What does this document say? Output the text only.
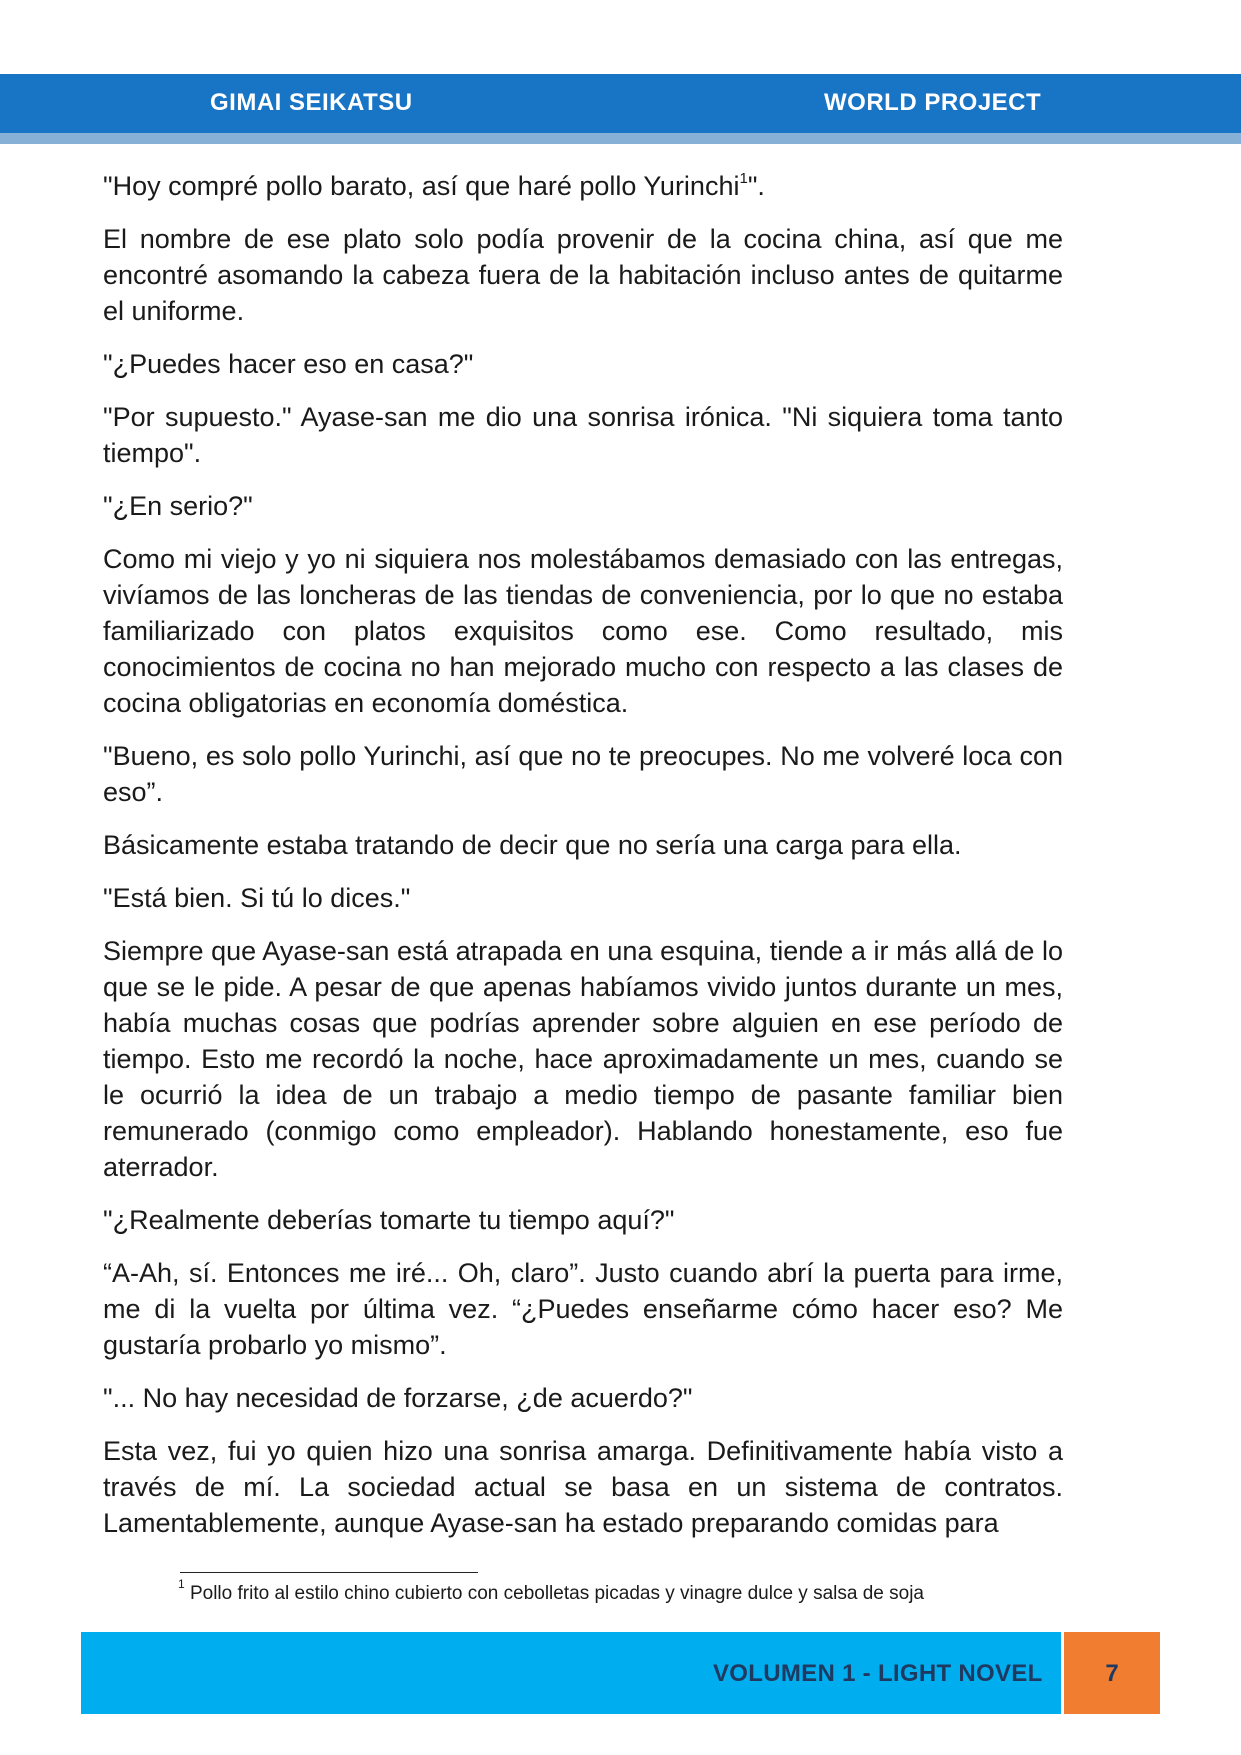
GIMAI SEIKATSU	WORLD PROJECT

"Hoy compré pollo barato, así que haré pollo Yurinchi$^1$".

El nombre de ese plato solo podía provenir de la cocina china, así que me encontré asomando la cabeza fuera de la habitación incluso antes de quitarme el uniforme.

"¿Puedes hacer eso en casa?"

"Por supuesto." Ayase-san me dio una sonrisa irónica. "Ni siquiera toma tanto tiempo".

"¿En serio?"

Como mi viejo y yo ni siquiera nos molestábamos demasiado con las entregas, vivíamos de las loncheras de las tiendas de conveniencia, por lo que no estaba familiarizado con platos exquisitos como ese. Como resultado, mis conocimientos de cocina no han mejorado mucho con respecto a las clases de cocina obligatorias en economía doméstica.

"Bueno, es solo pollo Yurinchi, así que no te preocupes. No me volveré loca con eso”.

Básicamente estaba tratando de decir que no sería una carga para ella.

"Está bien. Si tú lo dices."

Siempre que Ayase-san está atrapada en una esquina, tiende a ir más allá de lo que se le pide. A pesar de que apenas habíamos vivido juntos durante un mes, había muchas cosas que podrías aprender sobre alguien en ese período de tiempo. Esto me recordó la noche, hace aproximadamente un mes, cuando se le ocurrió la idea de un trabajo a medio tiempo de pasante familiar bien remunerado (conmigo como empleador). Hablando honestamente, eso fue aterrador.

"¿Realmente deberías tomarte tu tiempo aquí?"

“A-Ah, sí. Entonces me iré... Oh, claro”. Justo cuando abrí la puerta para irme, me di la vuelta por última vez. “¿Puedes enseñarme cómo hacer eso? Me gustaría probarlo yo mismo”.

"... No hay necesidad de forzarse, ¿de acuerdo?"

Esta vez, fui yo quien hizo una sonrisa amarga. Definitivamente había visto a través de mí. La sociedad actual se basa en un sistema de contratos. Lamentablemente, aunque Ayase-san ha estado preparando comidas para

$^1$ Pollo frito al estilo chino cubierto con cebolletas picadas y vinagre dulce y salsa de soja
VOLUMEN 1 - LIGHT NOVEL	7
